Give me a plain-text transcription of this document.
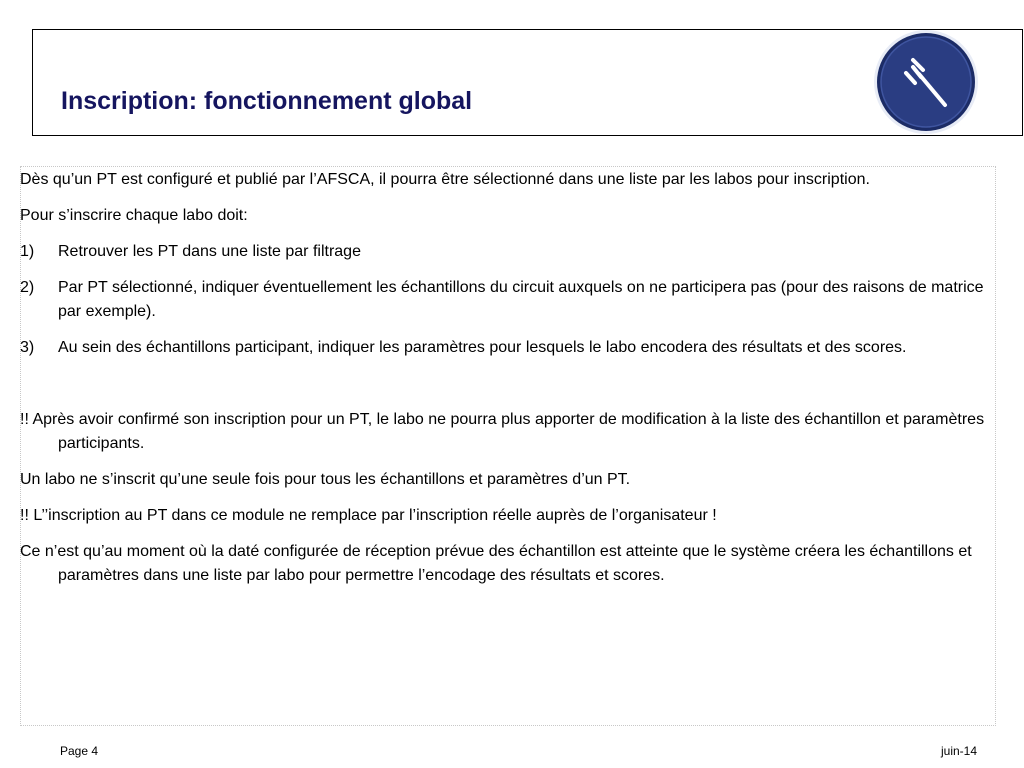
Inscription: fonctionnement global

Dès qu’un PT est configuré et publié par l’AFSCA, il pourra être sélectionné dans une liste par les labos pour inscription.

Pour s’inscrire chaque labo doit:

1)	Retrouver les PT dans une liste par filtrage

2)	Par PT sélectionné, indiquer éventuellement les échantillons du circuit auxquels on ne participera pas (pour des raisons de matrice par exemple).

3)	Au sein des échantillons participant, indiquer les paramètres pour lesquels le labo encodera des résultats et des scores.

!! Après avoir confirmé son inscription pour un PT, le labo ne pourra plus apporter de modification à la liste des échantillon et paramètres participants.

Un labo ne s’inscrit qu’une seule fois pour tous les échantillons et paramètres d’un PT.

!! L’’inscription au PT dans ce module ne remplace par l’inscription réelle auprès de l’organisateur !

Ce n’est qu’au moment où la daté configurée de réception prévue des échantillon est atteinte que le système créera les échantillons et paramètres dans une liste par labo pour permettre l’encodage des résultats et scores.

Page 4	juin-14
